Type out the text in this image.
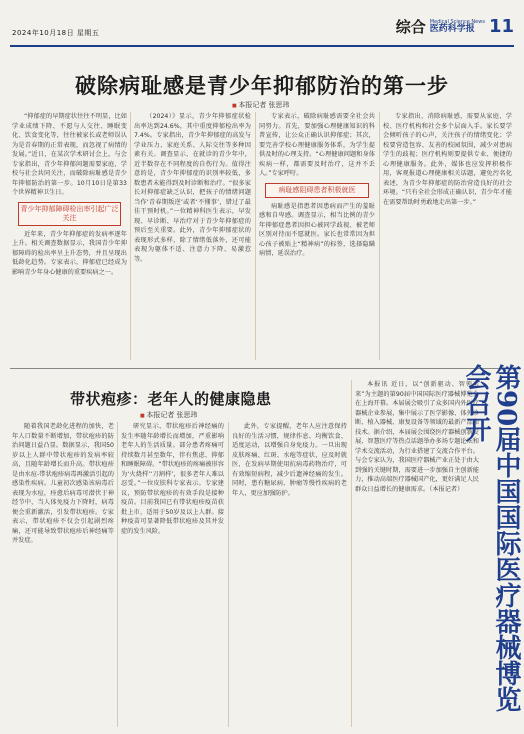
2024年10月18日 星期五	综合 Medical Science News
医药科学报 11
破除病耻感是青少年抑郁防治的第一步
■ 本报记者 张思玮

“抑郁症的早期症状往往不明显，比如学业成绩下降、不愿与人交往、睡眠变化、饮食变化等，往往被家长或老师误认为是青春期的正常表现，而忽视了病情的发展。”近日，在某次学术研讨会上，与会专家指出，青少年抑郁问题需要家庭、学校与社会共同关注，而破除病耻感是青少年抑郁防治的第一步。10月10日是第33个世界精神卫生日。

青少年抑郁障碍检出率引起广泛关注

近年来，青少年抑郁症的发病率逐年上升。相关调查数据显示，我国青少年抑郁障碍的检出率呈上升态势，并且呈现出低龄化趋势。专家表示，抑郁症已经成为影响青少年身心健康的重要疾病之一。

（2024）》显示，青少年抑郁症状检出率达到24.6%，其中重度抑郁检出率为7.4%。专家指出，青少年抑郁症的高发与学业压力、家庭关系、人际交往等多种因素有关。调查显示，在就诊的青少年中，近半数存在不同程度的自伤行为。值得注意的是，青少年抑郁症的识别率较低，多数患者未能得到及时诊断和治疗。“很多家长对抑郁症缺乏认识，把孩子的情绪问题当作‘青春期叛逆’或者‘不懂事’，错过了最佳干预时机。”一位精神科医生表示，早发现、早诊断、早治疗对于青少年抑郁症的预后至关重要。此外，青少年抑郁症状的表现形式多样，除了情绪低落外，还可能表现为躯体不适、注意力下降、易激惹等。

专家表示，破除病耻感需要全社会共同努力。首先，要加强心理健康知识的科普宣传，让公众正确认识抑郁症；其次，要完善学校心理健康服务体系，为学生提供及时的心理支持。“心理健康问题和身体疾病一样，都需要及时治疗，这并不丢人。”专家呼吁。

病耻感阻碍患者积极就医

病耻感是指患者因患病而产生的羞耻感和自卑感。调查显示，相当比例的青少年抑郁症患者因担心被同学歧视、被老师区别对待而不愿就医。家长也常常因为担心孩子被贴上“精神病”的标签，选择隐瞒病情，延误治疗。

专家指出，消除病耻感，需要从家庭、学校、医疗机构和社会多个层面入手。家长要学会倾听孩子的心声，关注孩子的情绪变化；学校要营造包容、友善的校园氛围，减少对患病学生的歧视；医疗机构则要提供专业、便捷的心理健康服务。此外，媒体也应发挥积极作用，客观报道心理健康相关话题，避免污名化表述，为青少年抑郁症的防治营造良好的社会环境。“只有全社会形成正确认识，青少年才能在需要帮助时勇敢地走出第一步。”

带状疱疹：老年人的健康隐患
■ 本报记者 张思玮

随着我国老龄化进程的加快，老年人口数量不断增加，带状疱疹的防治问题日益凸显。数据显示，我国50岁以上人群中带状疱疹的发病率较高，且随年龄增长而升高。带状疱疹是由水痘-带状疱疹病毒再激活引起的感染性疾病。儿童初次感染该病毒后表现为水痘，痊愈后病毒可潜伏于神经节中，当人体免疫力下降时，病毒便会重新激活，引发带状疱疹。专家表示，带状疱疹不仅会引起剧烈疼痛，还可能导致带状疱疹后神经痛等并发症。

研究显示，带状疱疹后神经痛的发生率随年龄增长而增加，严重影响老年人的生活质量。部分患者疼痛可持续数月甚至数年，伴有焦虑、抑郁和睡眠障碍。“带状疱疹的疼痛被形容为‘火烧样’‘刀割样’，很多老年人难以忍受。”一位皮肤科专家表示。专家建议，预防带状疱疹的有效手段是接种疫苗。目前我国已有带状疱疹疫苗获批上市，适用于50岁及以上人群。接种疫苗可显著降低带状疱疹及其并发症的发生风险。

此外，专家提醒，老年人应注意保持良好的生活习惯，规律作息、均衡饮食、适度运动，以增强自身免疫力。一旦出现皮肤疼痛、红斑、水疱等症状，应及时就医，在发病早期使用抗病毒药物治疗，可有效缩短病程，减少后遗神经痛的发生。同时，患有糖尿病、肿瘤等慢性疾病的老年人，更应加强防护。

本报讯 近日，以“创新驱动、智领未来”为主题的第90届中国国际医疗器械博览会在上海开幕。本届展会吸引了众多国内外医疗器械企业参展，集中展示了医学影像、体外诊断、植入器械、康复设备等领域的最新产品和技术。据介绍，本届展会围绕医疗器械创新发展、智慧医疗等热点话题举办多场专题论坛和学术交流活动，为行业搭建了交流合作平台。与会专家认为，我国医疗器械产业正处于由大到强的关键时期，需要进一步加强自主创新能力，推动高端医疗器械国产化，更好满足人民群众日益增长的健康需求。（本报记者）	第90届中国国际医疗器械博览会召开
